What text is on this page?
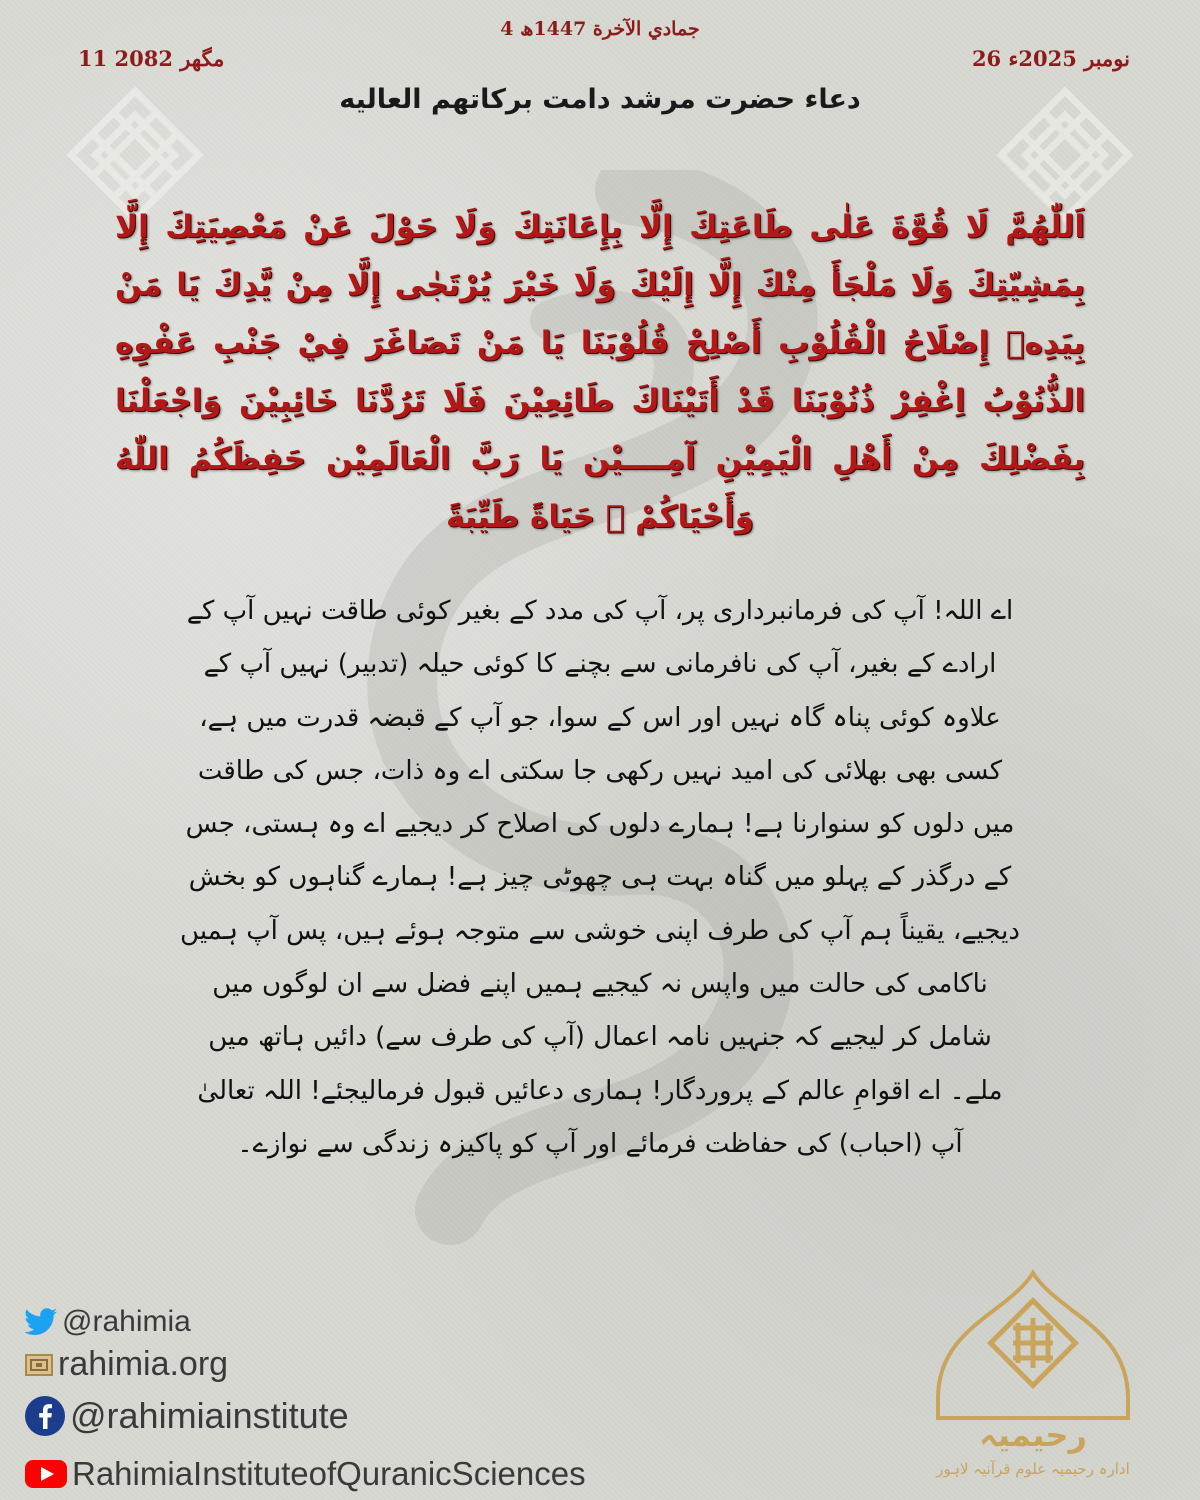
4 جمادي الآخرة 1447ھ
26 نومبر 2025ء
11 مگھر 2082
دعاء حضرت مرشد دامت بركاتهم العاليه
اَللّٰهُمَّ لَا قُوَّةَ عَلٰى طَاعَتِكَ إِلَّا بِإِعَانَتِكَ وَلَا حَوْلَ عَنْ مَعْصِيَتِكَ إِلَّا بِمَشِيّتِكَ وَلَا مَلْجَأَ مِنْكَ إِلَّا إِلَيْكَ وَلَا خَيْرَ يُرْتَجٰى إِلَّا مِنْ يَّدِكَ يَا مَنْ بِيَدِهٖ إِصْلَاحُ الْقُلُوْبِ أَصْلِحْ قُلُوْبَنَا يَا مَنْ تَصَاغَرَ فِيْ جَنْبِ عَفْوِهِ الذُّنُوْبُ اِغْفِرْ ذُنُوْبَنَا قَدْ أَتَيْنَاكَ طَائِعِيْنَ فَلَا تَرُدَّنَا خَائِبِيْنَ وَاجْعَلْنَا بِفَضْلِكَ مِنْ أَهْلِ الْيَمِيْنِ آمِــــيْن يَا رَبَّ الْعَالَمِيْن حَفِظَكُمُ اللّٰهُ وَأَحْيَاكُمْ ﴿ حَيَاةً طَيِّبَةً
اے اللہ! آپ کی فرمانبرداری پر، آپ کی مدد کے بغیر کوئی طاقت نہیں آپ کے ارادے کے بغیر، آپ کی نافرمانی سے بچنے کا کوئی حیلہ (تدبیر) نہیں آپ کے علاوہ کوئی پناہ گاہ نہیں اور اس کے سوا، جو آپ کے قبضہ قدرت میں ہے، کسی بھی بھلائی کی امید نہیں رکھی جا سکتی اے وہ ذات، جس کی طاقت میں دلوں کو سنوارنا ہے! ہمارے دلوں کی اصلاح کر دیجیے اے وہ ہستی، جس کے درگذر کے پہلو میں گناہ بہت ہی چھوٹی چیز ہے! ہمارے گناہوں کو بخش دیجیے، یقیناً ہم آپ کی طرف اپنی خوشی سے متوجہ ہوئے ہیں، پس آپ ہمیں ناکامی کی حالت میں واپس نہ کیجیے ہمیں اپنے فضل سے ان لوگوں میں شامل کر لیجیے کہ جنہیں نامہ اعمال (آپ کی طرف سے) دائیں ہاتھ میں ملے۔ اے اقوامِ عالم کے پروردگار! ہماری دعائیں قبول فرمالیجئے! اللہ تعالیٰ آپ (احباب) کی حفاظت فرمائے اور آپ کو پاکیزہ زندگی سے نوازے۔
@rahimia
rahimia.org
@rahimiainstitute
RahimiaInstituteofQuranicSciences
رحیمیہ
ادارہ رحیمیہ علوم قرآنیہ لاہور
